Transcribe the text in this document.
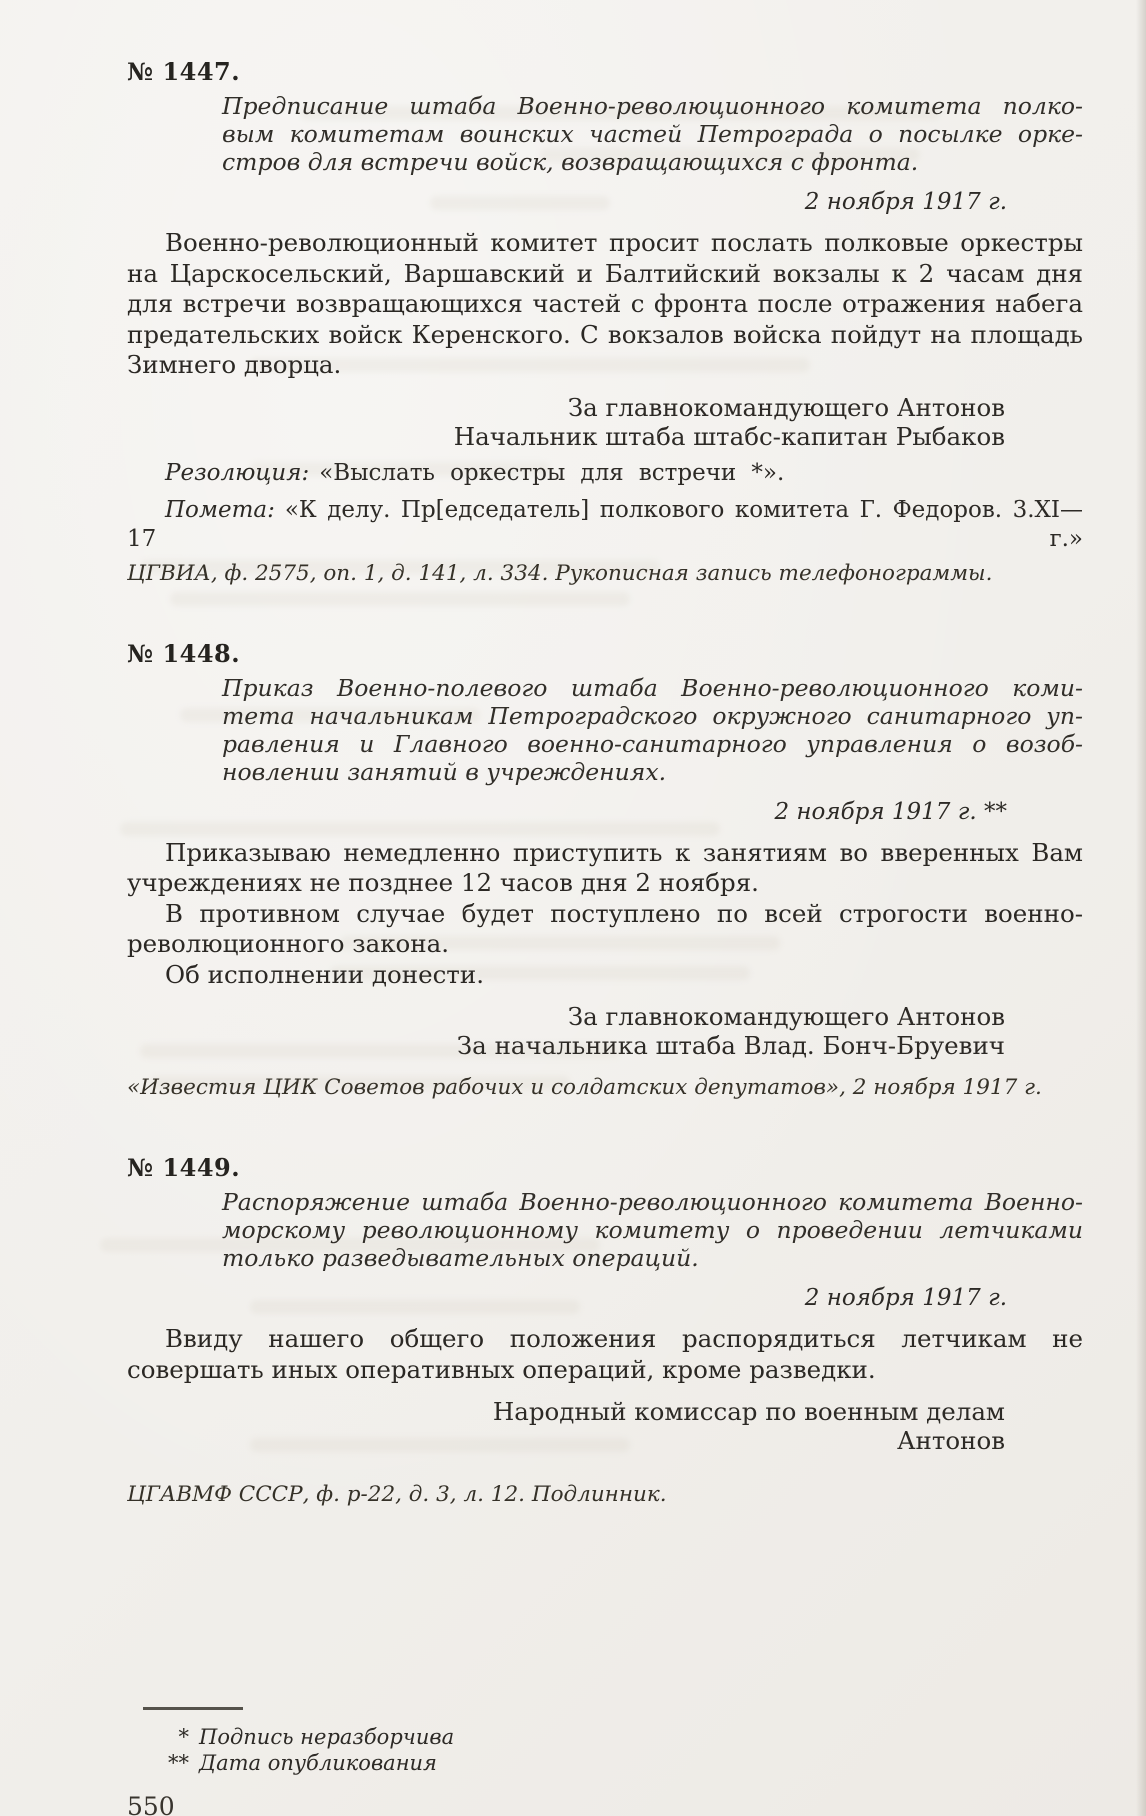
№ 1447.
Предписание штаба Военно-революционного комитета полко-
вым комитетам воинских частей Петрограда о посылке орке-
стров для встречи войск, возвращающихся с фронта.
2 ноября 1917 г.

Военно-революционный комитет просит послать полковые оркестры на Царскосельский, Варшавский и Балтийский вокзалы к 2 часам дня для встречи возвращающихся частей с фронта после отражения набега предательских войск Керенского. С вокзалов войска пойдут на площадь Зимнего дворца.

За главнокомандующего Антонов
Начальник штаба штабс-капитан Рыбаков

Резолюция: «Выслать оркестры для встречи *».

Помета: «К делу. Пр[едседатель] полкового комитета Г. Федоров. 3.XI—17 г.»

ЦГВИА, ф. 2575, оп. 1, д. 141, л. 334. Рукописная запись телефонограммы.

№ 1448.
Приказ Военно-полевого штаба Военно-революционного коми-
тета начальникам Петроградского окружного санитарного уп-
равления и Главного военно-санитарного управления о возоб-
новлении занятий в учреждениях.
2 ноября 1917 г. **

Приказываю немедленно приступить к занятиям во вверенных Вам учреждениях не позднее 12 часов дня 2 ноября.

В противном случае будет поступлено по всей строгости военно-революционного закона.

Об исполнении донести.

За главнокомандующего Антонов
За начальника штаба Влад. Бонч-Бруевич

«Известия ЦИК Советов рабочих и солдатских депутатов», 2 ноября 1917 г.

№ 1449.
Распоряжение штаба Военно-революционного комитета Военно-
морскому революционному комитету о проведении летчиками
только разведывательных операций.
2 ноября 1917 г.

Ввиду нашего общего положения распорядиться летчикам не совершать иных оперативных операций, кроме разведки.

Народный комиссар по военным делам
Антонов

ЦГАВМФ СССР, ф. р-22, д. 3, л. 12. Подлинник.

* Подпись неразборчива
** Дата опубликования
550
